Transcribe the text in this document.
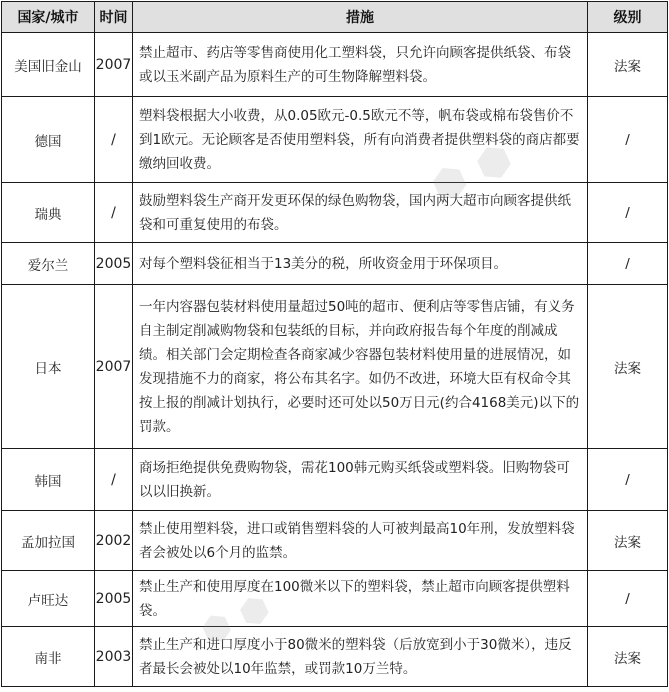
国家/城市	时间	措施	级别
美国旧金山	2007	禁止超市、药店等零售商使用化工塑料袋，只允许向顾客提供纸袋、布袋或以玉米副产品为原料生产的可生物降解塑料袋。	法案
德国	/	塑料袋根据大小收费，从0.05欧元-0.5欧元不等，帆布袋或棉布袋售价不到1欧元。无论顾客是否使用塑料袋，所有向消费者提供塑料袋的商店都要缴纳回收费。	/
瑞典	/	鼓励塑料袋生产商开发更环保的绿色购物袋，国内两大超市向顾客提供纸袋和可重复使用的布袋。	/
爱尔兰	2005	对每个塑料袋征相当于13美分的税，所收资金用于环保项目。	/
日本	2007	一年内容器包装材料使用量超过50吨的超市、便利店等零售店铺，有义务自主制定削减购物袋和包装纸的目标，并向政府报告每个年度的削减成绩。相关部门会定期检查各商家减少容器包装材料使用量的进展情况，如发现措施不力的商家，将公布其名字。如仍不改进，环境大臣有权命令其按上报的削减计划执行，必要时还可处以50万日元(约合4168美元)以下的罚款。	法案
韩国	/	商场拒绝提供免费购物袋，需花100韩元购买纸袋或塑料袋。旧购物袋可以以旧换新。	/
孟加拉国	2002	禁止使用塑料袋，进口或销售塑料袋的人可被判最高10年刑，发放塑料袋者会被处以6个月的监禁。	法案
卢旺达	2005	禁止生产和使用厚度在100微米以下的塑料袋，禁止超市向顾客提供塑料袋。	/
南非	2003	禁止生产和进口厚度小于80微米的塑料袋（后放宽到小于30微米），违反者最长会被处以10年监禁，或罚款10万兰特。	法案
⬢ ⬢
⬢ ⬢
